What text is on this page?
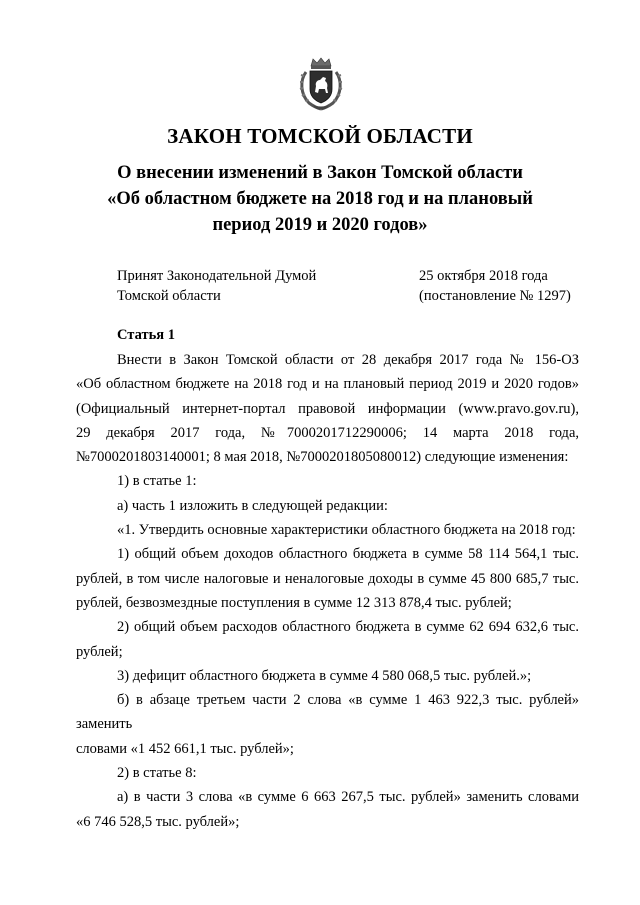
ЗАКОН ТОМСКОЙ ОБЛАСТИ
О внесении изменений в Закон Томской области
«Об областном бюджете на 2018 год и на плановый
период 2019 и 2020 годов»
Принят Законодательной Думой
Томской области
25 октября 2018 года
(постановление № 1297)
Статья 1

Внести в Закон Томской области от 28 декабря 2017 года № 156-ОЗ

«Об областном бюджете на 2018 год и на плановый период 2019 и 2020 годов»
(Официальный интернет-портал правовой информации (www.pravo.gov.ru),
29 декабря 2017 года, №7000201712290006; 14 марта 2018 года,
№7000201803140001; 8 мая 2018, №7000201805080012) следующие изменения:

1) в статье 1:

а) часть 1 изложить в следующей редакции:

«1. Утвердить основные характеристики областного бюджета на 2018 год:

1) общий объем доходов областного бюджета в сумме 58 114 564,1 тыс.

рублей, в том числе налоговые и неналоговые доходы в сумме 45 800 685,7 тыс.
рублей, безвозмездные поступления в сумме 12 313 878,4 тыс. рублей;

2) общий объем расходов областного бюджета в сумме 62 694 632,6 тыс.

рублей;

3) дефицит областного бюджета в сумме 4 580 068,5 тыс. рублей.»;

б) в абзаце третьем части 2 слова «в сумме 1 463 922,3 тыс. рублей» заменить

словами «1 452 661,1 тыс. рублей»;

2) в статье 8:

а) в части 3 слова «в сумме 6 663 267,5 тыс. рублей» заменить словами

«6 746 528,5 тыс. рублей»;
